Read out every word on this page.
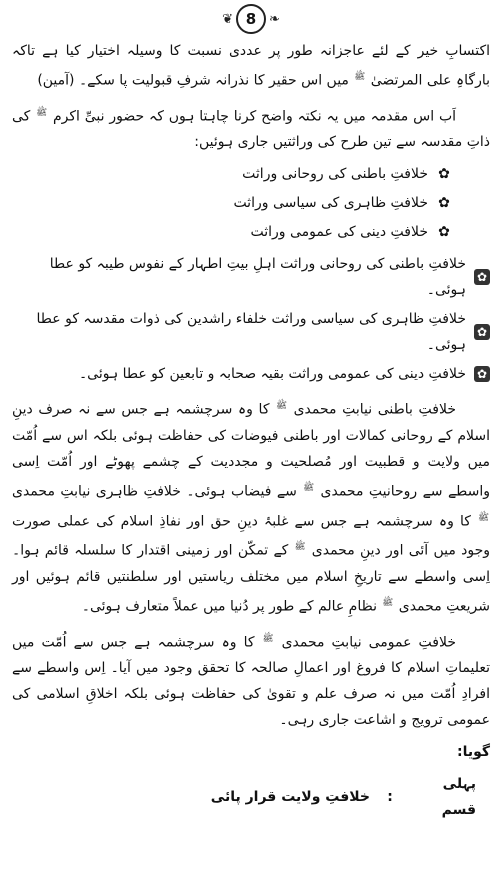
❦ 8 ❧

اکتسابِ خیر کے لئے عاجزانہ طور پر عددی نسبت کا وسیلہ اختیار کیا ہے تاکہ بارگاہِ علی المرتضیٰ $^ﷺ$ میں اس حقیر کا نذرانہ شرفِ قبولیت پا سکے۔ (آمین)

اَب اس مقدمہ میں یہ نکتہ واضح کرنا چاہتا ہوں کہ حضور نبیِّ اکرم $^ﷺ$ کی ذاتِ مقدسہ سے تین طرح کی وراثتیں جاری ہوئیں:

✿
خلافتِ باطنی کی روحانی وراثت
✿
خلافتِ ظاہری کی سیاسی وراثت
✿
خلافتِ دینی کی عمومی وراثت
✿
خلافتِ باطنی کی روحانی وراثت اہلِ بیتِ اطہار کے نفوس طیبہ کو عطا ہوئی۔
✿
خلافتِ ظاہری کی سیاسی وراثت خلفاء راشدین کی ذوات مقدسہ کو عطا ہوئی۔
✿
خلافتِ دینی کی عمومی وراثت بقیہ صحابہ و تابعین کو عطا ہوئی۔

خلافتِ باطنی نیابتِ محمدی $^ﷺ$ کا وہ سرچشمہ ہے جس سے نہ صرف دینِ اسلام کے روحانی کمالات اور باطنی فیوضات کی حفاظت ہوئی بلکہ اس سے اُمّت میں ولایت و قطبیت اور مُصلحیت و مجددیت کے چشمے پھوٹے اور اُمّت اِسی واسطے سے روحانیتِ محمدی $^ﷺ$ سے فیضاب ہوئی۔ خلافتِ ظاہری نیابتِ محمدی $^ﷺ$ کا وہ سرچشمہ ہے جس سے غلبۂ دینِ حق اور نفاذِ اسلام کی عملی صورت وجود میں آئی اور دینِ محمدی $^ﷺ$ کے تمکّن اور زمینی اقتدار کا سلسلہ قائم ہوا۔ اِسی واسطے سے تاریخِ اسلام میں مختلف ریاستیں اور سلطنتیں قائم ہوئیں اور شریعتِ محمدی $^ﷺ$ نظامِ عالم کے طور پر دُنیا میں عملاً متعارف ہوئی۔

خلافتِ عمومی نیابتِ محمدی $^ﷺ$ کا وہ سرچشمہ ہے جس سے اُمّت میں تعلیماتِ اسلام کا فروغ اور اعمالِ صالحہ کا تحقق وجود میں آیا۔ اِس واسطے سے افرادِ اُمّت میں نہ صرف علم و تقویٰ کی حفاظت ہوئی بلکہ اخلاقِ اسلامی کی عمومی ترویج و اشاعت جاری رہی۔

گویا:

پہلی قسم
:
خلافتِ ولایت قرار پائی
